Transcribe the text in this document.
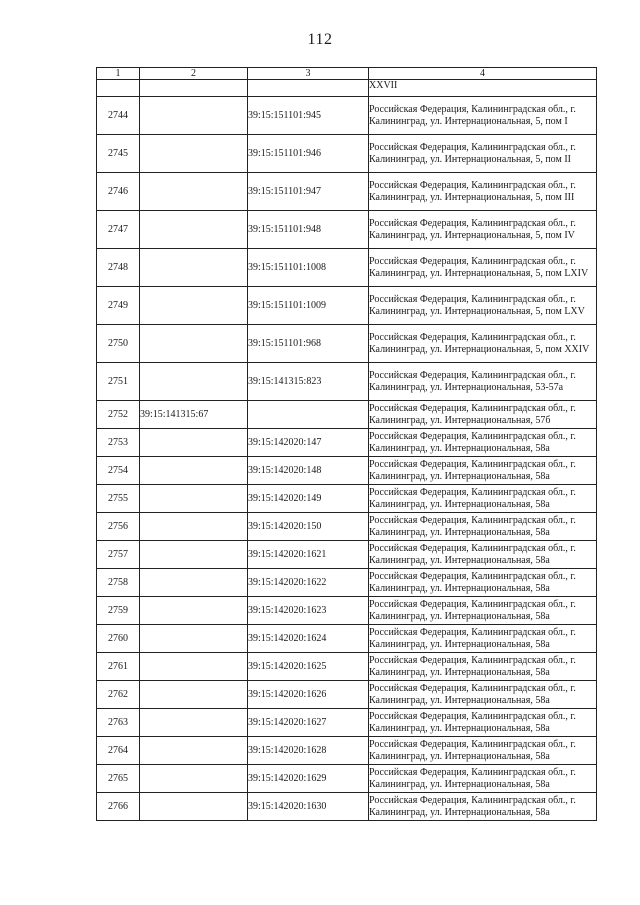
112
1	2	3	4
			XXVII
2744		39:15:151101:945	Российская Федерация, Калининградская обл., г. Калининград, ул. Интернациональная, 5, пом I
2745		39:15:151101:946	Российская Федерация, Калининградская обл., г. Калининград, ул. Интернациональная, 5, пом II
2746		39:15:151101:947	Российская Федерация, Калининградская обл., г. Калининград, ул. Интернациональная, 5, пом III
2747		39:15:151101:948	Российская Федерация, Калининградская обл., г. Калининград, ул. Интернациональная, 5, пом IV
2748		39:15:151101:1008	Российская Федерация, Калининградская обл., г. Калининград, ул. Интернациональная, 5, пом LXIV
2749		39:15:151101:1009	Российская Федерация, Калининградская обл., г. Калининград, ул. Интернациональная, 5, пом LXV
2750		39:15:151101:968	Российская Федерация, Калининградская обл., г. Калининград, ул. Интернациональная, 5, пом XXIV
2751		39:15:141315:823	Российская Федерация, Калининградская обл., г. Калининград, ул. Интернациональная, 53-57а
2752	39:15:141315:67		Российская Федерация, Калининградская обл., г. Калининград, ул. Интернациональная, 57б
2753		39:15:142020:147	Российская Федерация, Калининградская обл., г. Калининград, ул. Интернациональная, 58а
2754		39:15:142020:148	Российская Федерация, Калининградская обл., г. Калининград, ул. Интернациональная, 58а
2755		39:15:142020:149	Российская Федерация, Калининградская обл., г. Калининград, ул. Интернациональная, 58а
2756		39:15:142020:150	Российская Федерация, Калининградская обл., г. Калининград, ул. Интернациональная, 58а
2757		39:15:142020:1621	Российская Федерация, Калининградская обл., г. Калининград, ул. Интернациональная, 58а
2758		39:15:142020:1622	Российская Федерация, Калининградская обл., г. Калининград, ул. Интернациональная, 58а
2759		39:15:142020:1623	Российская Федерация, Калининградская обл., г. Калининград, ул. Интернациональная, 58а
2760		39:15:142020:1624	Российская Федерация, Калининградская обл., г. Калининград, ул. Интернациональная, 58а
2761		39:15:142020:1625	Российская Федерация, Калининградская обл., г. Калининград, ул. Интернациональная, 58а
2762		39:15:142020:1626	Российская Федерация, Калининградская обл., г. Калининград, ул. Интернациональная, 58а
2763		39:15:142020:1627	Российская Федерация, Калининградская обл., г. Калининград, ул. Интернациональная, 58а
2764		39:15:142020:1628	Российская Федерация, Калининградская обл., г. Калининград, ул. Интернациональная, 58а
2765		39:15:142020:1629	Российская Федерация, Калининградская обл., г. Калининград, ул. Интернациональная, 58а
2766		39:15:142020:1630	Российская Федерация, Калининградская обл., г. Калининград, ул. Интернациональная, 58а
